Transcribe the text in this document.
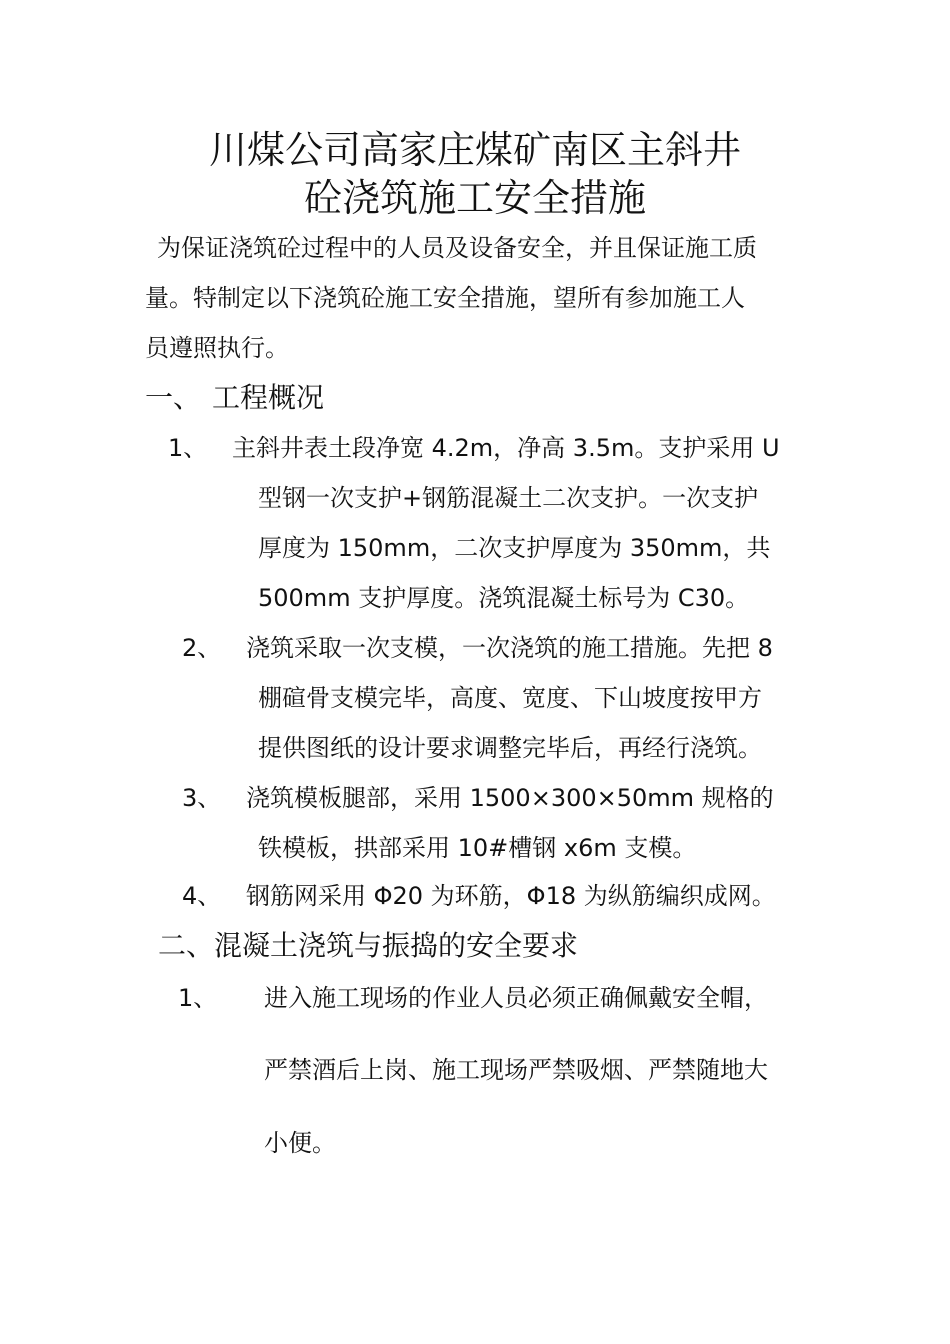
川煤公司高家庄煤矿南区主斜井
砼浇筑施工安全措施
为保证浇筑砼过程中的人员及设备安全，并且保证施工质
量。特制定以下浇筑砼施工安全措施，望所有参加施工人
员遵照执行。
一、 工程概况
1、 主斜井表土段净宽 4.2m，净高 3.5m。支护采用 U
型钢一次支护+钢筋混凝土二次支护。一次支护
厚度为 150mm，二次支护厚度为 350mm，共
500mm 支护厚度。浇筑混凝土标号为 C30。
2、 浇筑采取一次支模，一次浇筑的施工措施。先把 8
棚碹骨支模完毕，高度、宽度、下山坡度按甲方
提供图纸的设计要求调整完毕后，再经行浇筑。
3、 浇筑模板腿部，采用 1500×300×50mm 规格的
铁模板，拱部采用 10#槽钢 x6m 支模。
4、 钢筋网采用 Φ20 为环筋，Φ18 为纵筋编织成网。
二、混凝土浇筑与振捣的安全要求
1、 进入施工现场的作业人员必须正确佩戴安全帽，
严禁酒后上岗、施工现场严禁吸烟、严禁随地大
小便。
